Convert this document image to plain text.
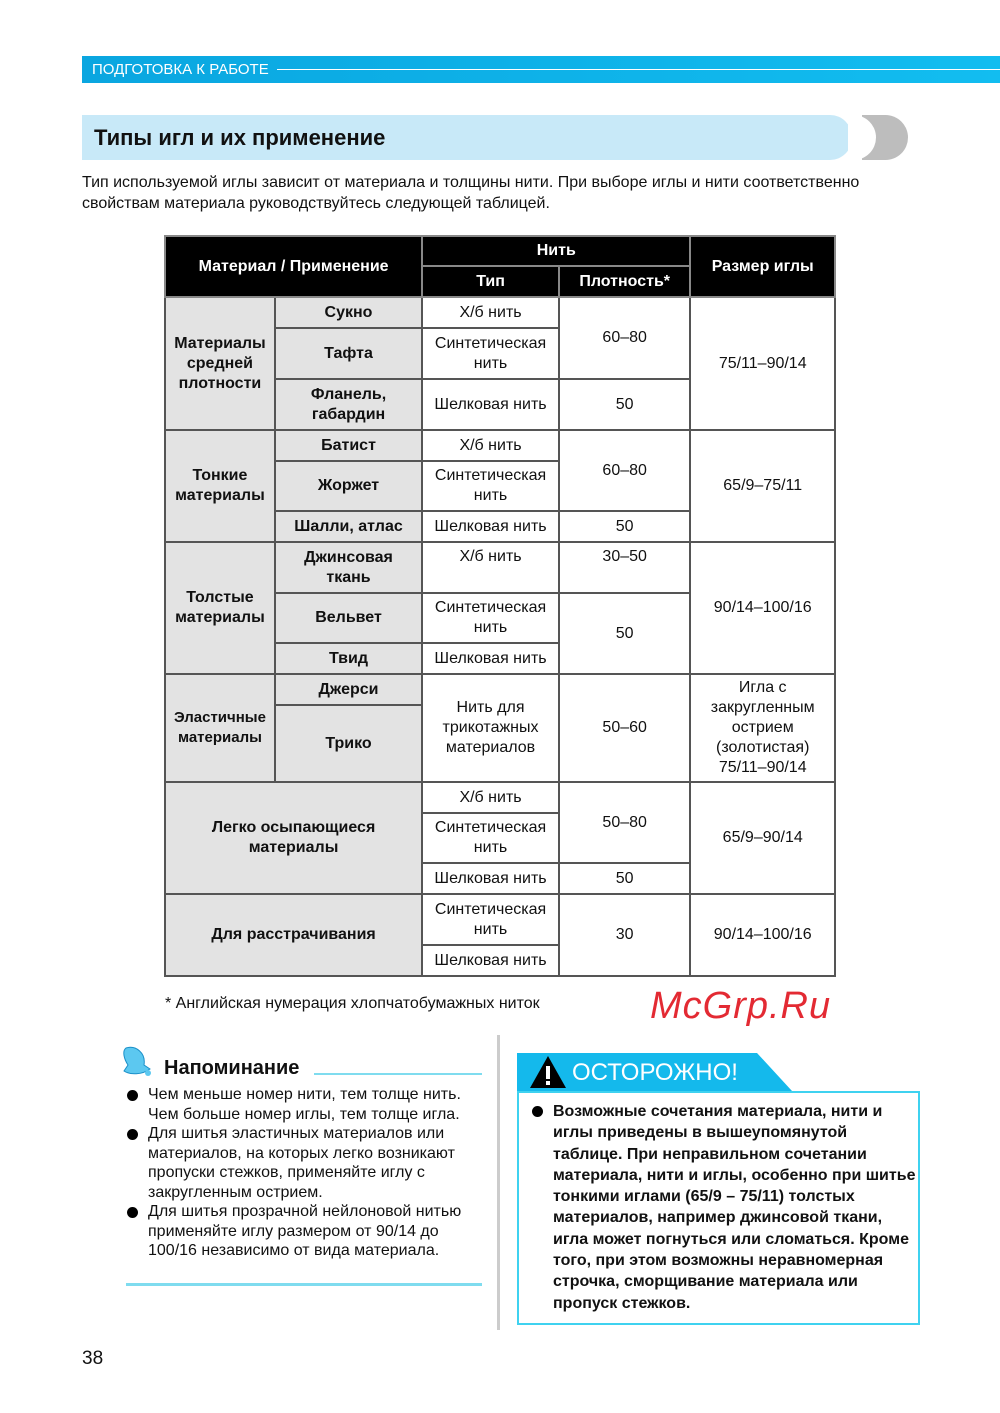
ПОДГОТОВКА К РАБОТЕ
Типы игл и их применение
Тип используемой иглы зависит от материала и толщины нити. При выборе иглы и нити соответственно свойствам материала руководствуйтесь следующей таблицей.
Материал / Применение		Нить		Размер иглы
		Тип	Плотность*	
Материалы средней плотности	Сукно	Х/б нить	60–80	75/11–90/14
	Тафта	Синтетическая нить		
	Фланель, габардин	Шелковая нить	50	
Тонкие материалы	Батист	Х/б нить	60–80	65/9–75/11
	Жоржет	Синтетическая нить		
	Шалли, атлас	Шелковая нить	50	
Толстые материалы	Джинсовая ткань	Х/б нить	30–50	90/14–100/16
	Вельвет	Синтетическая нить	50	
	Твид	Шелковая нить		
Эластичные материалы	Джерси	Нить для трикотажных материалов	50–60	Игла с закругленным острием (золотистая) 75/11–90/14
	Трико			
Легко осыпающиеся материалы		Х/б нить	50–80	65/9–90/14
		Синтетическая нить		
		Шелковая нить	50	
Для расстрачивания		Синтетическая нить	30	90/14–100/16
		Шелковая нить		
* Английская нумерация хлопчатобумажных ниток	McGrp.Ru
Напоминание
Чем меньше номер нити, тем толще нить. Чем больше номер иглы, тем толще игла.
Для шитья эластичных материалов или материалов, на которых легко возникают пропуски стежков, применяйте иглу с закругленным острием.
Для шитья прозрачной нейлоновой нитью применяйте иглу размером от 90/14 до 100/16 независимо от вида материала.
ОСТОРОЖНО!
Возможные сочетания материала, нити и иглы приведены в вышеупомянутой таблице. При неправильном сочетании материала, нити и иглы, особенно при шитье тонкими иглами (65/9 – 75/11) толстых материалов, например джинсовой ткани, игла может погнуться или сломаться. Кроме того, при этом возможны неравномерная строчка, сморщивание материала или пропуск стежков.
38
